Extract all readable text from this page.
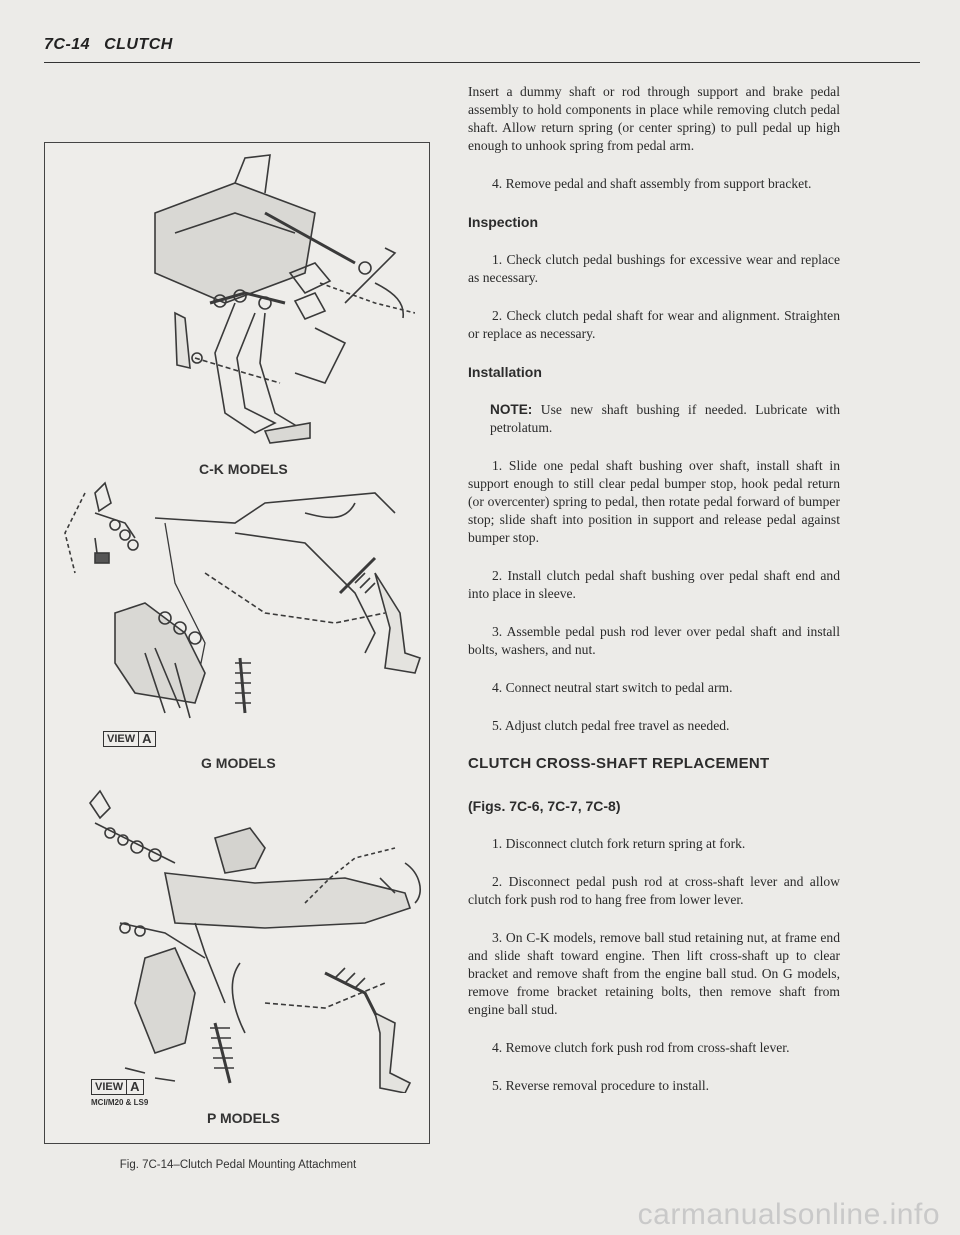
7C-14 CLUTCH
C-K MODELS
VIEW A
G MODELS
VIEW A
MCI/M20 & LS9
P MODELS
Fig. 7C-14–Clutch Pedal Mounting Attachment

Insert a dummy shaft or rod through support and brake pedal assembly to hold components in place while removing clutch pedal shaft. Allow return spring (or center spring) to pull pedal up high enough to unhook spring from pedal arm.

4. Remove pedal and shaft assembly from support bracket.

Inspection

1. Check clutch pedal bushings for excessive wear and replace as necessary.

2. Check clutch pedal shaft for wear and alignment. Straighten or replace as necessary.

Installation

NOTE: Use new shaft bushing if needed. Lubricate with petrolatum.

1. Slide one pedal shaft bushing over shaft, install shaft in support enough to still clear pedal bumper stop, hook pedal return (or overcenter) spring to pedal, then rotate pedal forward of bumper stop; slide shaft into position in support and release pedal against bumper stop.

2. Install clutch pedal shaft bushing over pedal shaft end and into place in sleeve.

3. Assemble pedal push rod lever over pedal shaft and install bolts, washers, and nut.

4. Connect neutral start switch to pedal arm.

5. Adjust clutch pedal free travel as needed.

CLUTCH CROSS-SHAFT REPLACEMENT

(Figs. 7C-6, 7C-7, 7C-8)

1. Disconnect clutch fork return spring at fork.

2. Disconnect pedal push rod at cross-shaft lever and allow clutch fork push rod to hang free from lower lever.

3. On C-K models, remove ball stud retaining nut, at frame end and slide shaft toward engine. Then lift cross-shaft up to clear bracket and remove shaft from the engine ball stud. On G models, remove frome bracket retaining bolts, then remove shaft from engine ball stud.

4. Remove clutch fork push rod from cross-shaft lever.

5. Reverse removal procedure to install.

carmanualsonline.info
